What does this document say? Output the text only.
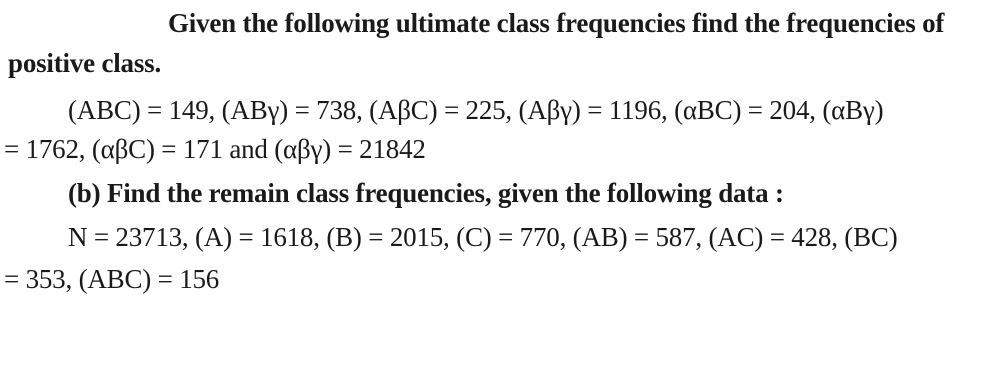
Given the following ultimate class frequencies find the frequencies of
positive class.
(ABC) = 149, (ABγ) = 738, (AβC) = 225, (Aβγ) = 1196, (αBC) = 204, (αBγ)
= 1762, (αβC) = 171 and (αβγ) = 21842
(b) Find the remain class frequencies, given the following data :
N = 23713, (A) = 1618, (B) = 2015, (C) = 770, (AB) = 587, (AC) = 428, (BC)
= 353, (ABC) = 156
